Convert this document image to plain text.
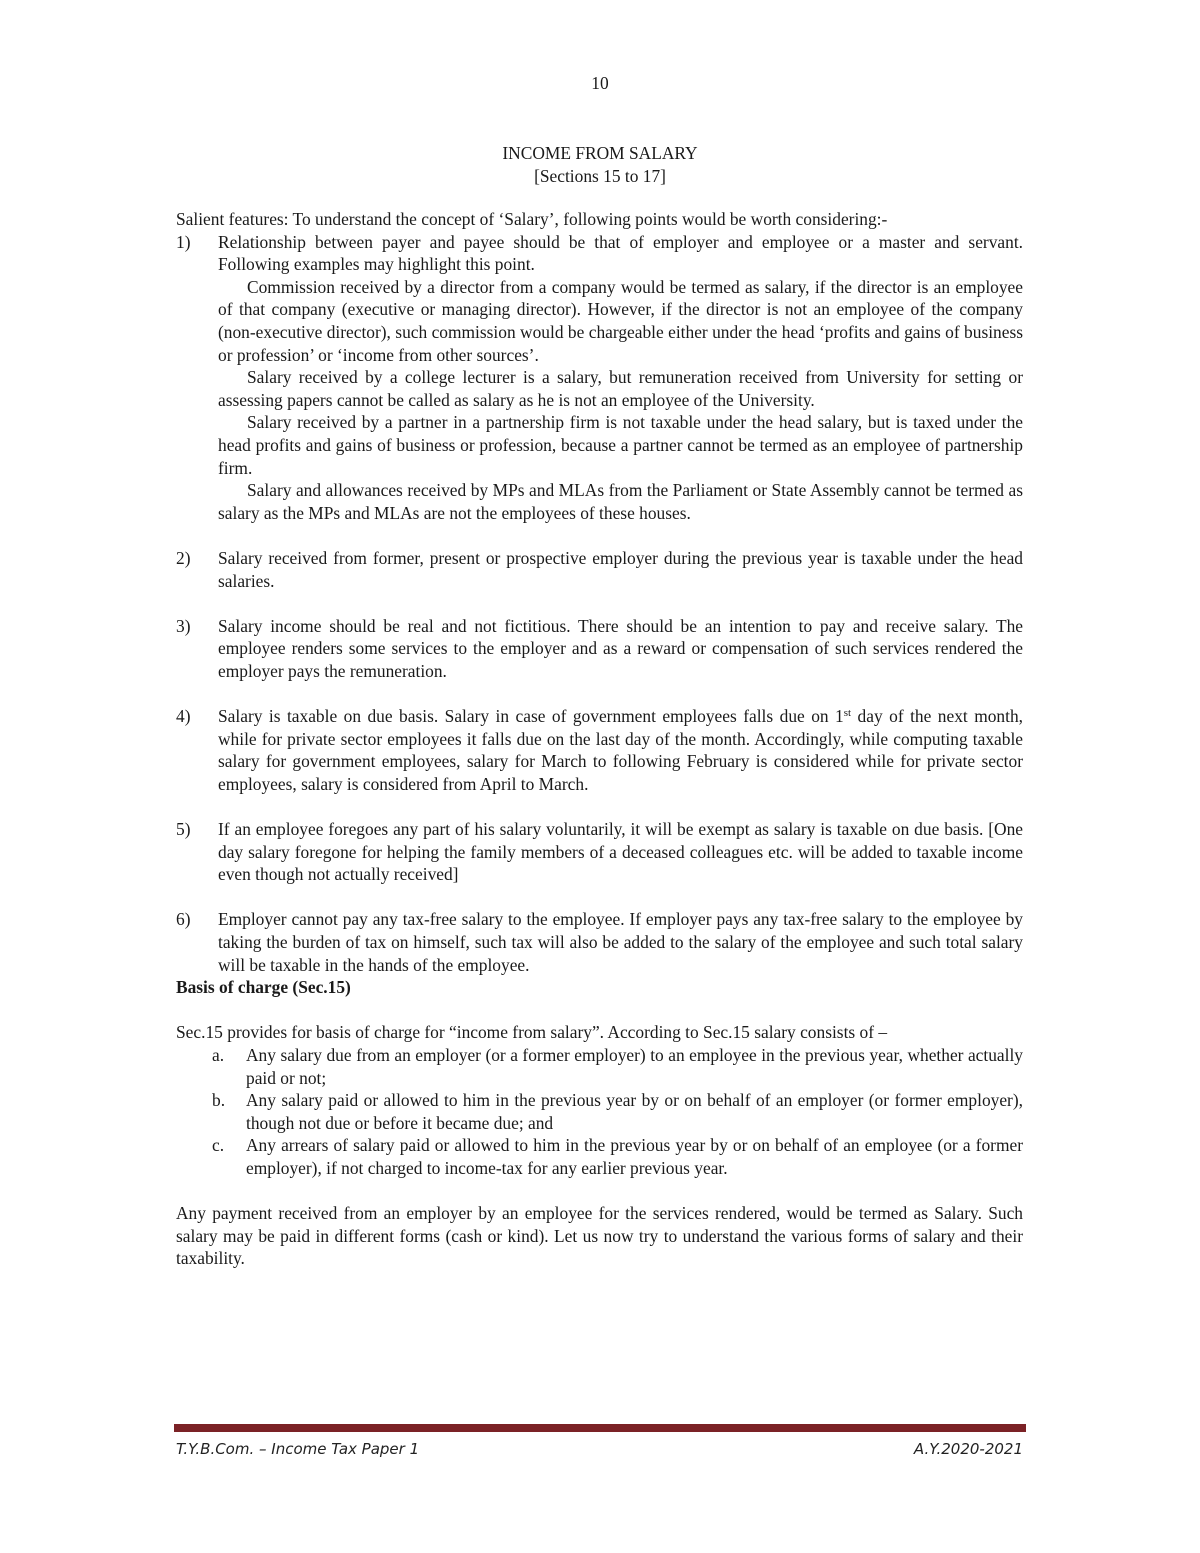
10
INCOME FROM SALARY
[Sections 15 to 17]

Salient features: To understand the concept of ‘Salary’, following points would be worth considering:-

1)	Relationship between payer and payee should be that of employer and employee or a master and servant. Following examples may highlight this point.

Commission received by a director from a company would be termed as salary, if the director is an employee of that company (executive or managing director). However, if the director is not an employee of the company (non-executive director), such commission would be chargeable either under the head ‘profits and gains of business or profession’ or ‘income from other sources’.

Salary received by a college lecturer is a salary, but remuneration received from University for setting or assessing papers cannot be called as salary as he is not an employee of the University.

Salary received by a partner in a partnership firm is not taxable under the head salary, but is taxed under the head profits and gains of business or profession, because a partner cannot be termed as an employee of partnership firm.

Salary and allowances received by MPs and MLAs from the Parliament or State Assembly cannot be termed as salary as the MPs and MLAs are not the employees of these houses.

2)	Salary received from former, present or prospective employer during the previous year is taxable under the head salaries.
3)	Salary income should be real and not fictitious. There should be an intention to pay and receive salary. The employee renders some services to the employer and as a reward or compensation of such services rendered the employer pays the remuneration.
4)	Salary is taxable on due basis. Salary in case of government employees falls due on 1st day of the next month, while for private sector employees it falls due on the last day of the month. Accordingly, while computing taxable salary for government employees, salary for March to following February is considered while for private sector employees, salary is considered from April to March.
5)	If an employee foregoes any part of his salary voluntarily, it will be exempt as salary is taxable on due basis. [One day salary foregone for helping the family members of a deceased colleagues etc. will be added to taxable income even though not actually received]
6)	Employer cannot pay any tax-free salary to the employee. If employer pays any tax-free salary to the employee by taking the burden of tax on himself, such tax will also be added to the salary of the employee and such total salary will be taxable in the hands of the employee.

Basis of charge (Sec.15)

Sec.15 provides for basis of charge for “income from salary”. According to Sec.15 salary consists of –

a.	Any salary due from an employer (or a former employer) to an employee in the previous year, whether actually paid or not;
b.	Any salary paid or allowed to him in the previous year by or on behalf of an employer (or former employer), though not due or before it became due; and
c.	Any arrears of salary paid or allowed to him in the previous year by or on behalf of an employee (or a former employer), if not charged to income-tax for any earlier previous year.

Any payment received from an employer by an employee for the services rendered, would be termed as Salary. Such salary may be paid in different forms (cash or kind). Let us now try to understand the various forms of salary and their taxability.

T.Y.B.Com. – Income Tax Paper 1	A.Y.2020-2021
